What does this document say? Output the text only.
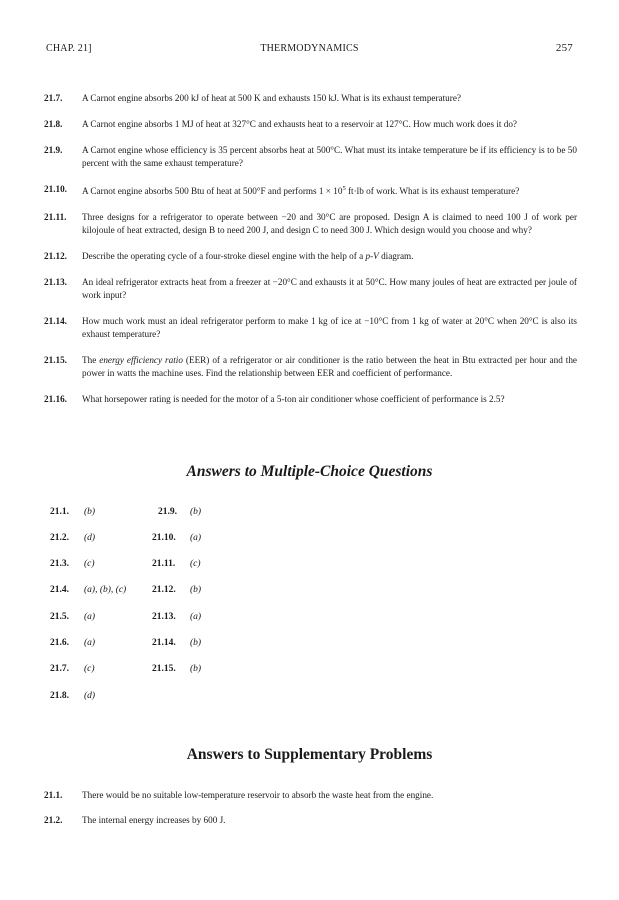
CHAP. 21]	THERMODYNAMICS	257
21.7.	A Carnot engine absorbs 200 kJ of heat at 500 K and exhausts 150 kJ. What is its exhaust temperature?
21.8.	A Carnot engine absorbs 1 MJ of heat at 327°C and exhausts heat to a reservoir at 127°C. How much work does it do?
21.9.	A Carnot engine whose efficiency is 35 percent absorbs heat at 500°C. What must its intake temperature be if its efficiency is to be 50 percent with the same exhaust temperature?
21.10.	A Carnot engine absorbs 500 Btu of heat at 500°F and performs $1 \times 10^5$ ft·lb of work. What is its exhaust temperature?
21.11.	Three designs for a refrigerator to operate between −20 and 30°C are proposed. Design A is claimed to need 100 J of work per kilojoule of heat extracted, design B to need 200 J, and design C to need 300 J. Which design would you choose and why?
21.12.	Describe the operating cycle of a four-stroke diesel engine with the help of a p-V diagram.
21.13.	An ideal refrigerator extracts heat from a freezer at −20°C and exhausts it at 50°C. How many joules of heat are extracted per joule of work input?
21.14.	How much work must an ideal refrigerator perform to make 1 kg of ice at −10°C from 1 kg of water at 20°C when 20°C is also its exhaust temperature?
21.15.	The energy efficiency ratio (EER) of a refrigerator or air conditioner is the ratio between the heat in Btu extracted per hour and the power in watts the machine uses. Find the relationship between EER and coefficient of performance.
21.16.	What horsepower rating is needed for the motor of a 5-ton air conditioner whose coefficient of performance is 2.5?
Answers to Multiple-Choice Questions
21.1. (b)	21.9. (b)
21.2. (d)	21.10. (a)
21.3. (c)	21.11. (c)
21.4. (a), (b), (c)	21.12. (b)
21.5. (a)	21.13. (a)
21.6. (a)	21.14. (b)
21.7. (c)	21.15. (b)
21.8. (d)
Answers to Supplementary Problems
21.1.	There would be no suitable low-temperature reservoir to absorb the waste heat from the engine.
21.2.	The internal energy increases by 600 J.
